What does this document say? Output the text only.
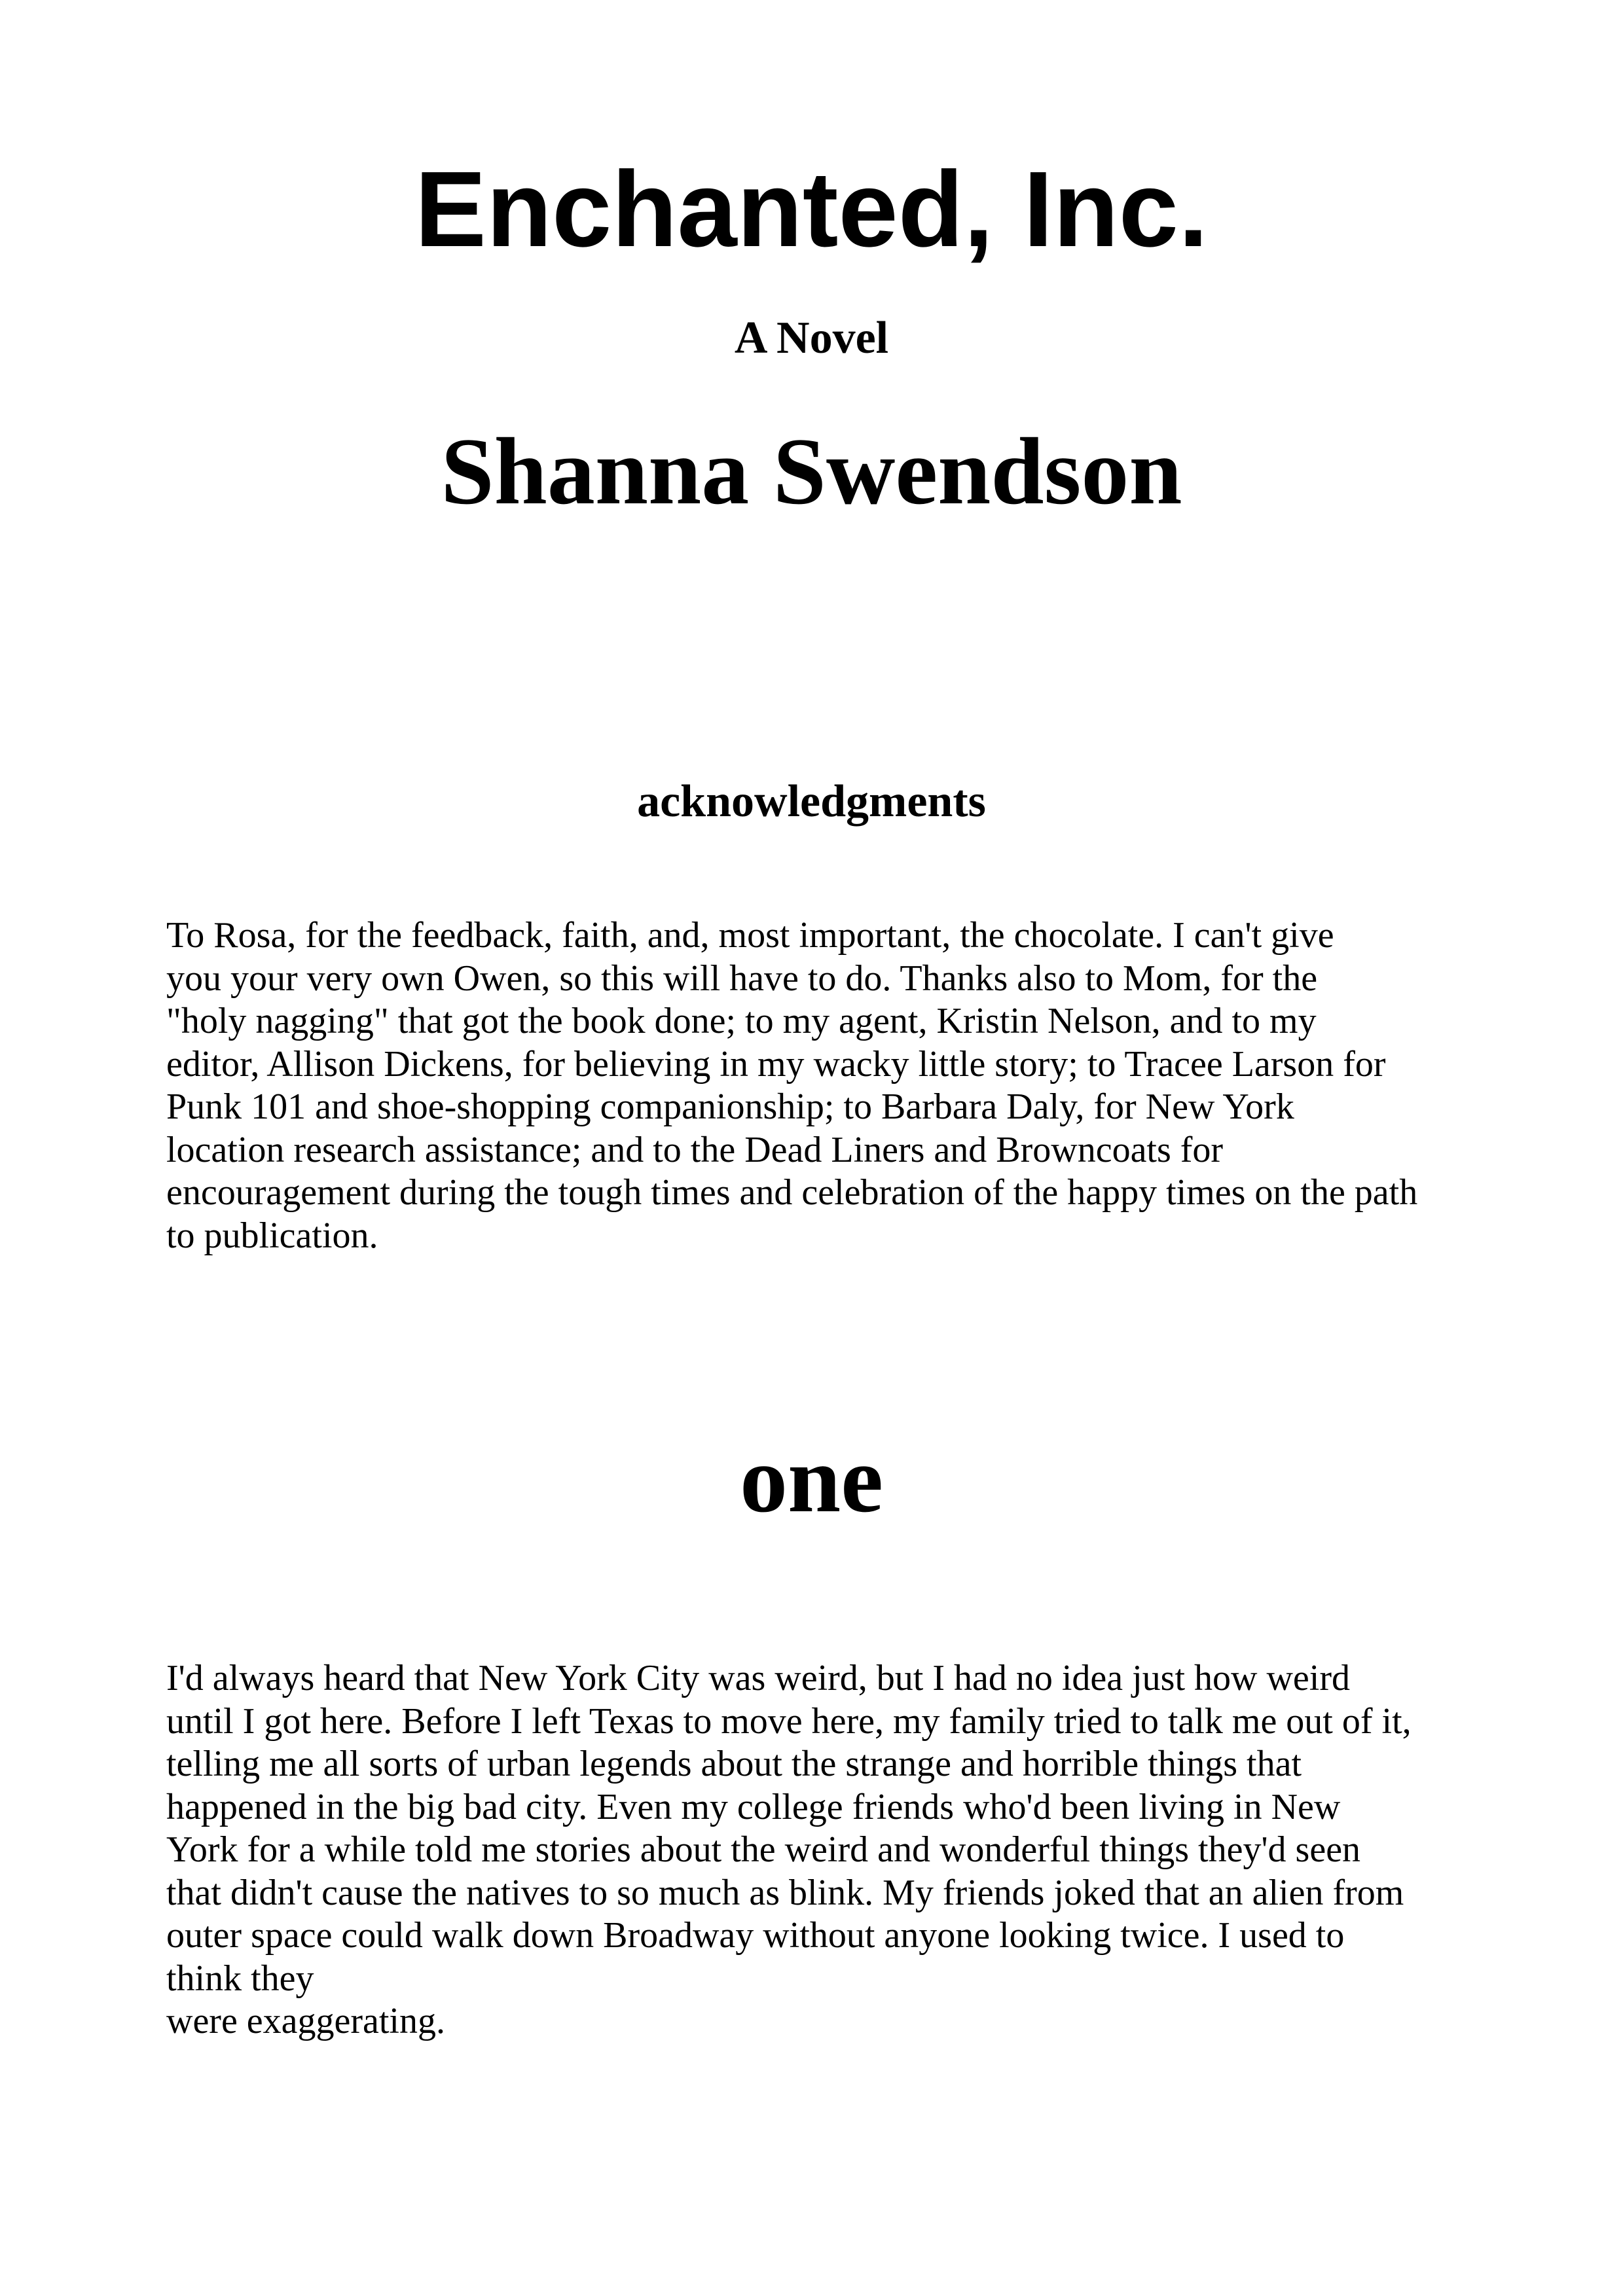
Enchanted, Inc.
A Novel
Shanna Swendson
acknowledgments
To Rosa, for the feedback, faith, and, most important, the chocolate. I can't give
you your very own Owen, so this will have to do. Thanks also to Mom, for the
"holy nagging" that got the book done; to my agent, Kristin Nelson, and to my
editor, Allison Dickens, for believing in my wacky little story; to Tracee Larson for
Punk 101 and shoe-shopping companionship; to Barbara Daly, for New York
location research assistance; and to the Dead Liners and Browncoats for
encouragement during the tough times and celebration of the happy times on the path
to publication.
one
I'd always heard that New York City was weird, but I had no idea just how weird
until I got here. Before I left Texas to move here, my family tried to talk me out of it,
telling me all sorts of urban legends about the strange and horrible things that
happened in the big bad city. Even my college friends who'd been living in New
York for a while told me stories about the weird and wonderful things they'd seen
that didn't cause the natives to so much as blink. My friends joked that an alien from
outer space could walk down Broadway without anyone looking twice. I used to
think they
were exaggerating.
